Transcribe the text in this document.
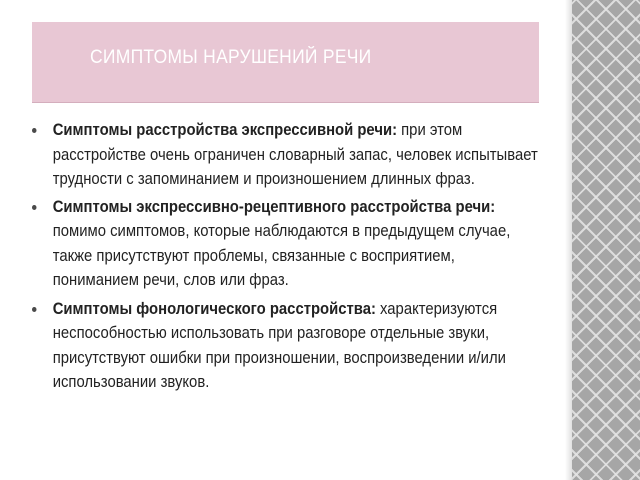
СИМПТОМЫ НАРУШЕНИЙ РЕЧИ
Симптомы расстройства экспрессивной речи: при этом расстройстве очень ограничен словарный запас, человек испытывает трудности с запоминанием и произношением длинных фраз.
Симптомы экспрессивно-рецептивного расстройства речи: помимо симптомов, которые наблюдаются в предыдущем случае, также присутствуют проблемы, связанные с восприятием, пониманием речи, слов или фраз.
Симптомы фонологического расстройства: характеризуются неспособностью использовать при разговоре отдельные звуки, присутствуют ошибки при произношении, воспроизведении и/или использовании звуков.
